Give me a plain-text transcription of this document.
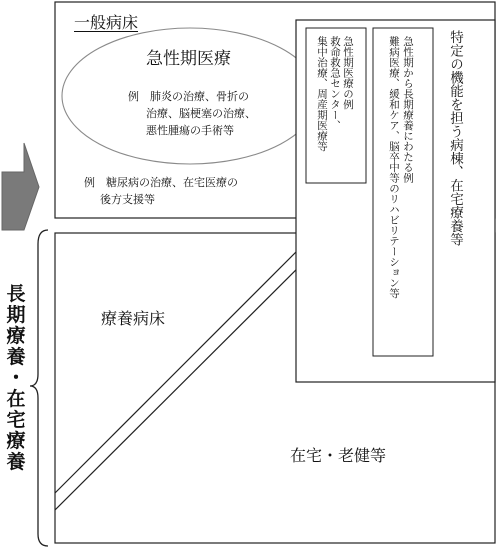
一般病床
急性期医療
例　肺炎の治療、骨折の
治療、脳梗塞の治療、
悪性腫瘍の手術等
例　糖尿病の治療、在宅医療の
後方支援等
療養病床
在宅・老健等
長
期
療
養
・
在
宅
療
養
特定の機能を担う病棟、在宅療養等
急性期医療の例
救命救急センター、
集中治療、周産期医療等	急性期から長期療養にわたる例
難病医療、緩和ケア、脳卒中等のリハビリテーション等
